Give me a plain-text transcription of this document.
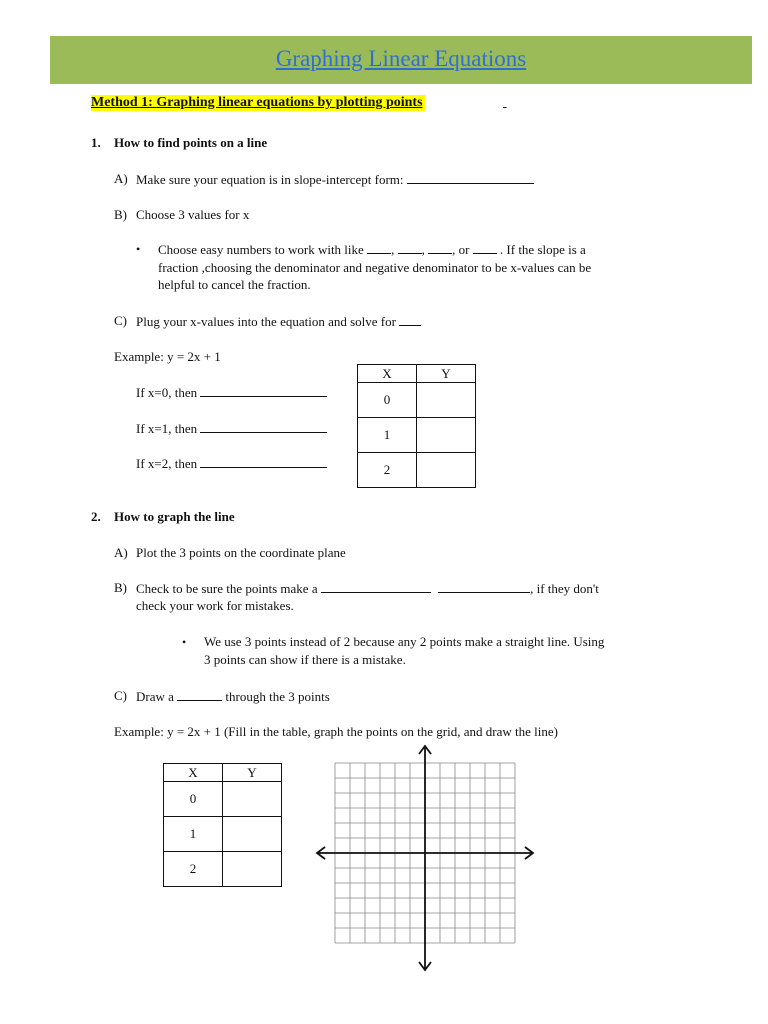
Graphing Linear Equations
Method 1: Graphing linear equations by plotting points

1. How to find points on a line
A) Make sure your equation is in slope-intercept form:
B) Choose 3 values for x
• Choose easy numbers to work with like , , , or . If the slope is a
fraction ,choosing the denominator and negative denominator to be x-values can be
helpful to cancel the fraction.
C) Plug your x-values into the equation and solve for
Example: y = 2x + 1
If x=0, then
If x=1, then
If x=2, then
X	Y
0	
1	
2	
2. How to graph the line
A) Plot the 3 points on the coordinate plane
B) Check to be sure the points make a	, if they don't
check your work for mistakes.
• We use 3 points instead of 2 because any 2 points make a straight line. Using
3 points can show if there is a mistake.
C) Draw a	through the 3 points
Example: y = 2x + 1 (Fill in the table, graph the points on the grid, and draw the line)
X	Y
0	
1	
2	
